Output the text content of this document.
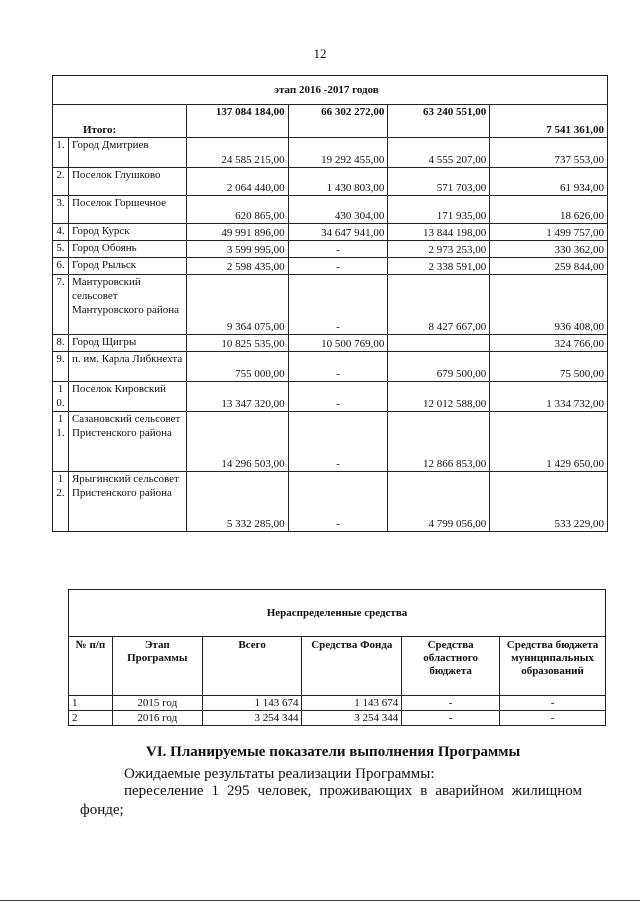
12
этап 2016 -2017 годов					
Итого:		137 084 184,00	66 302 272,00	63 240 551,00	7 541 361,00
1.	Город Дмитриев	24 585 215,00	19 292 455,00	4 555 207,00	737 553,00
2.	Поселок Глушково	2 064 440,00	1 430 803,00	571 703,00	61 934,00
3.	Поселок Горшечное	620 865,00	430 304,00	171 935,00	18 626,00
4.	Город Курск	49 991 896,00	34 647 941,00	13 844 198,00	1 499 757,00
5.	Город Обоянь	3 599 995,00	-	2 973 253,00	330 362,00
6.	Город Рыльск	2 598 435,00	-	2 338 591,00	259 844,00
7.	Мантуровский сельсовет Мантуровского района	9 364 075,00	-	8 427 667,00	936 408,00
8.	Город Щигры	10 825 535,00	10 500 769,00		324 766,00
9.	п. им. Карла Либкнехта	755 000,00	-	679 500,00	75 500,00
1 0.	Поселок Кировский	13 347 320,00	-	12 012 588,00	1 334 732,00
1 1.	Сазановский сельсовет Пристенского района	14 296 503,00	-	12 866 853,00	1 429 650,00
1 2.	Ярыгинский сельсовет Пристенского района	5 332 285,00	-	4 799 056,00	533 229,00
Нераспределенные средства					
№ п/п	Этап Программы	Всего	Средства Фонда	Средства областного бюджета	Средства бюджета муниципальных образований
1	2015 год	1 143 674	1 143 674	-	-
2	2016 год	3 254 344	3 254 344	-	-
VI. Планируемые показатели выполнения Программы
Ожидаемые результаты реализации Программы:
переселение 1 295 человек, проживающих в аварийном жилищном
фонде;
